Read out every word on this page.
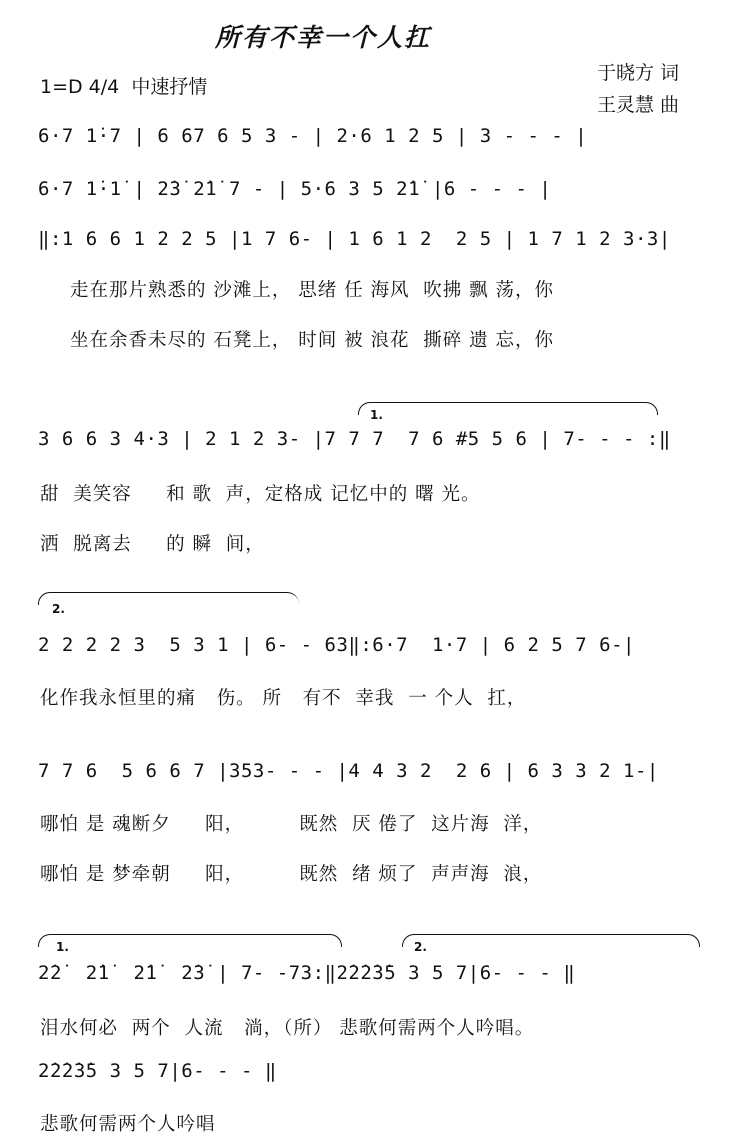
所有不幸一个人扛
1=D 4/4  中速抒情
于晓方 词
王灵慧 曲
6·7 1̇·7 | 6 67 6 5 3 - | 2·6 1 2 5 | 3 - - - |
6·7 1̇·1̇ | 2̇3̇ 2̇1̇ 7 - | 5·6 3 5 2̇1̇ |6 - - - |
‖:1 6 6 1 2 2 5 |1 7 6- | 1 6 1 2  2 5 | 1 7 1 2 3·3|
走在那片熟悉的 沙滩上， 思绪 任 海风  吹拂 飘 荡，你
坐在余香未尽的 石凳上， 时间 被 浪花  撕碎 遗 忘，你
1.
3 6 6 3 4·3 | 2 1 2 3- |7 7 7  7 6 #5 5 6 | 7- - - :‖
甜  美笑容     和 歌  声，定格成 记忆中的 曙 光。
洒  脱离去     的 瞬  间，
2.
2 2 2 2 3  5 3 1 | 6- - 63‖:6·7  1·7 | 6 2 5 7 6-|
化作我永恒里的痛   伤。 所   有不  幸我  一 个人  扛，
7 7 6  5 6 6 7 |353- - - |4 4 3 2  2 6 | 6 3 3 2 1-|
哪怕 是 魂断夕     阳，        既然  厌 倦了  这片海  洋，
哪怕 是 梦牵朝     阳，        既然  绪 烦了  声声海  浪，
1.	2.
2̇2̇  2̇1̇  2̇1̇  2̇3̇ | 7- -73:‖2̇2̇2̇3̇5 3 5 7|6- - - ‖
泪水何必  两个  人流   淌，（所） 悲歌何需两个人吟唱。
2̇2̇2̇3̇5 3 5 7|6- - - ‖
悲歌何需两个人吟唱
